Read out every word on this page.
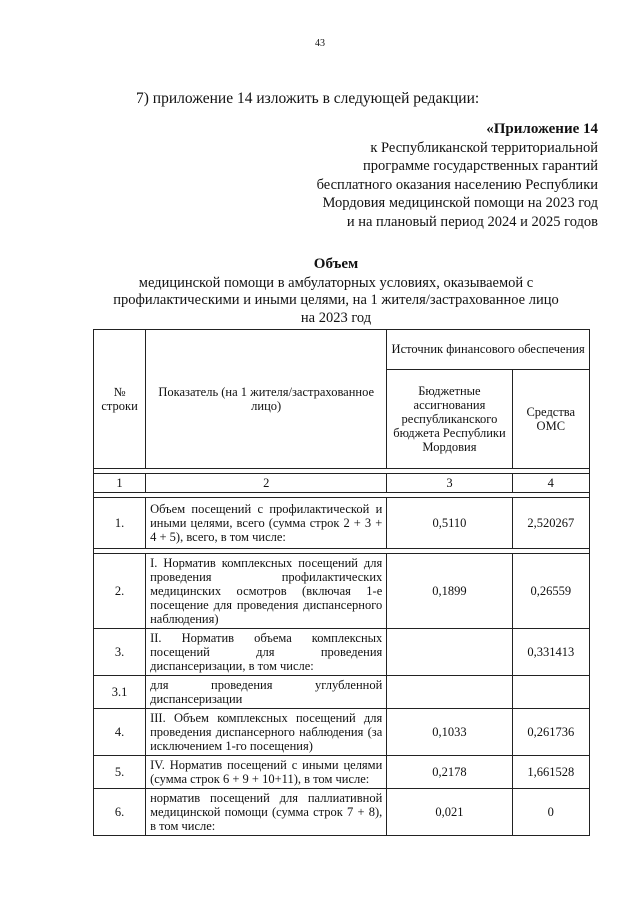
43
7) приложение 14 изложить в следующей редакции:
«Приложение 14
к Республиканской территориальной
программе государственных гарантий
бесплатного оказания населению Республики
Мордовия медицинской помощи на 2023 год
и на плановый период 2024 и 2025 годов
Объем
медицинской помощи в амбулаторных условиях, оказываемой с
профилактическими и иными целями, на 1 жителя/застрахованное лицо
на 2023 год
№ строки	Показатель (на 1 жителя/застрахованное лицо)	Источник финансового обеспечения	
		Бюджетные ассигнования республиканского бюджета Республики Мордовия	Средства ОМС

1	2	3	4

1.	Объем посещений с профилактической и иными целями, всего (сумма строк 2 + 3 + 4 + 5), всего, в том числе:	0,5110	2,520267

2.	I. Норматив комплексных посещений для проведения профилактических медицинских осмотров (включая 1-е посещение для проведения диспансерного наблюдения)	0,1899	0,26559
3.	II. Норматив объема комплексных посещений для проведения диспансеризации, в том числе:		0,331413
3.1	для проведения углубленной диспансеризации		
4.	III. Объем комплексных посещений для проведения диспансерного наблюдения (за исключением 1-го посещения)	0,1033	0,261736
5.	IV. Норматив посещений с иными целями (сумма строк 6 + 9 + 10+11), в том числе:	0,2178	1,661528
6.	норматив посещений для паллиативной медицинской помощи (сумма строк 7 + 8), в том числе:	0,021	0
